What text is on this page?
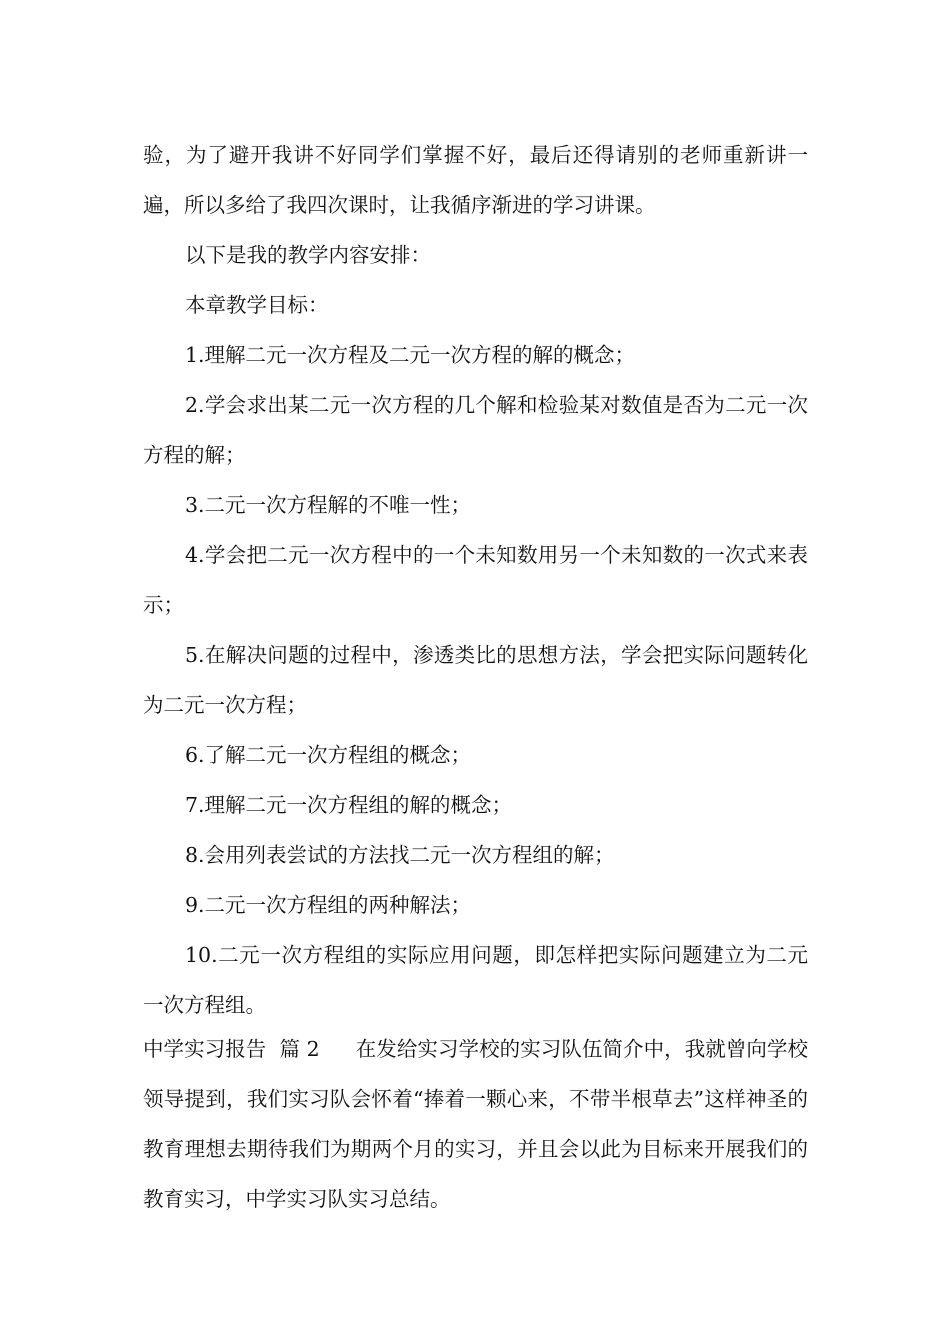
验，为了避开我讲不好同学们掌握不好，最后还得请别的老师重新讲一遍，所以多给了我四次课时，让我循序渐进的学习讲课。

以下是我的教学内容安排：

本章教学目标：

1.理解二元一次方程及二元一次方程的解的概念；

2.学会求出某二元一次方程的几个解和检验某对数值是否为二元一次方程的解；

3.二元一次方程解的不唯一性；

4.学会把二元一次方程中的一个未知数用另一个未知数的一次式来表示；

5.在解决问题的过程中，渗透类比的思想方法，学会把实际问题转化为二元一次方程；

6.了解二元一次方程组的概念；

7.理解二元一次方程组的解的概念；

8.会用列表尝试的方法找二元一次方程组的解；

9.二元一次方程组的两种解法；

10.二元一次方程组的实际应用问题，即怎样把实际问题建立为二元一次方程组。

中学实习报告  篇 2 在发给实习学校的实习队伍简介中，我就曾向学校领导提到，我们实习队会怀着“捧着一颗心来，不带半根草去”这样神圣的教育理想去期待我们为期两个月的实习，并且会以此为目标来开展我们的教育实习，中学实习队实习总结。
